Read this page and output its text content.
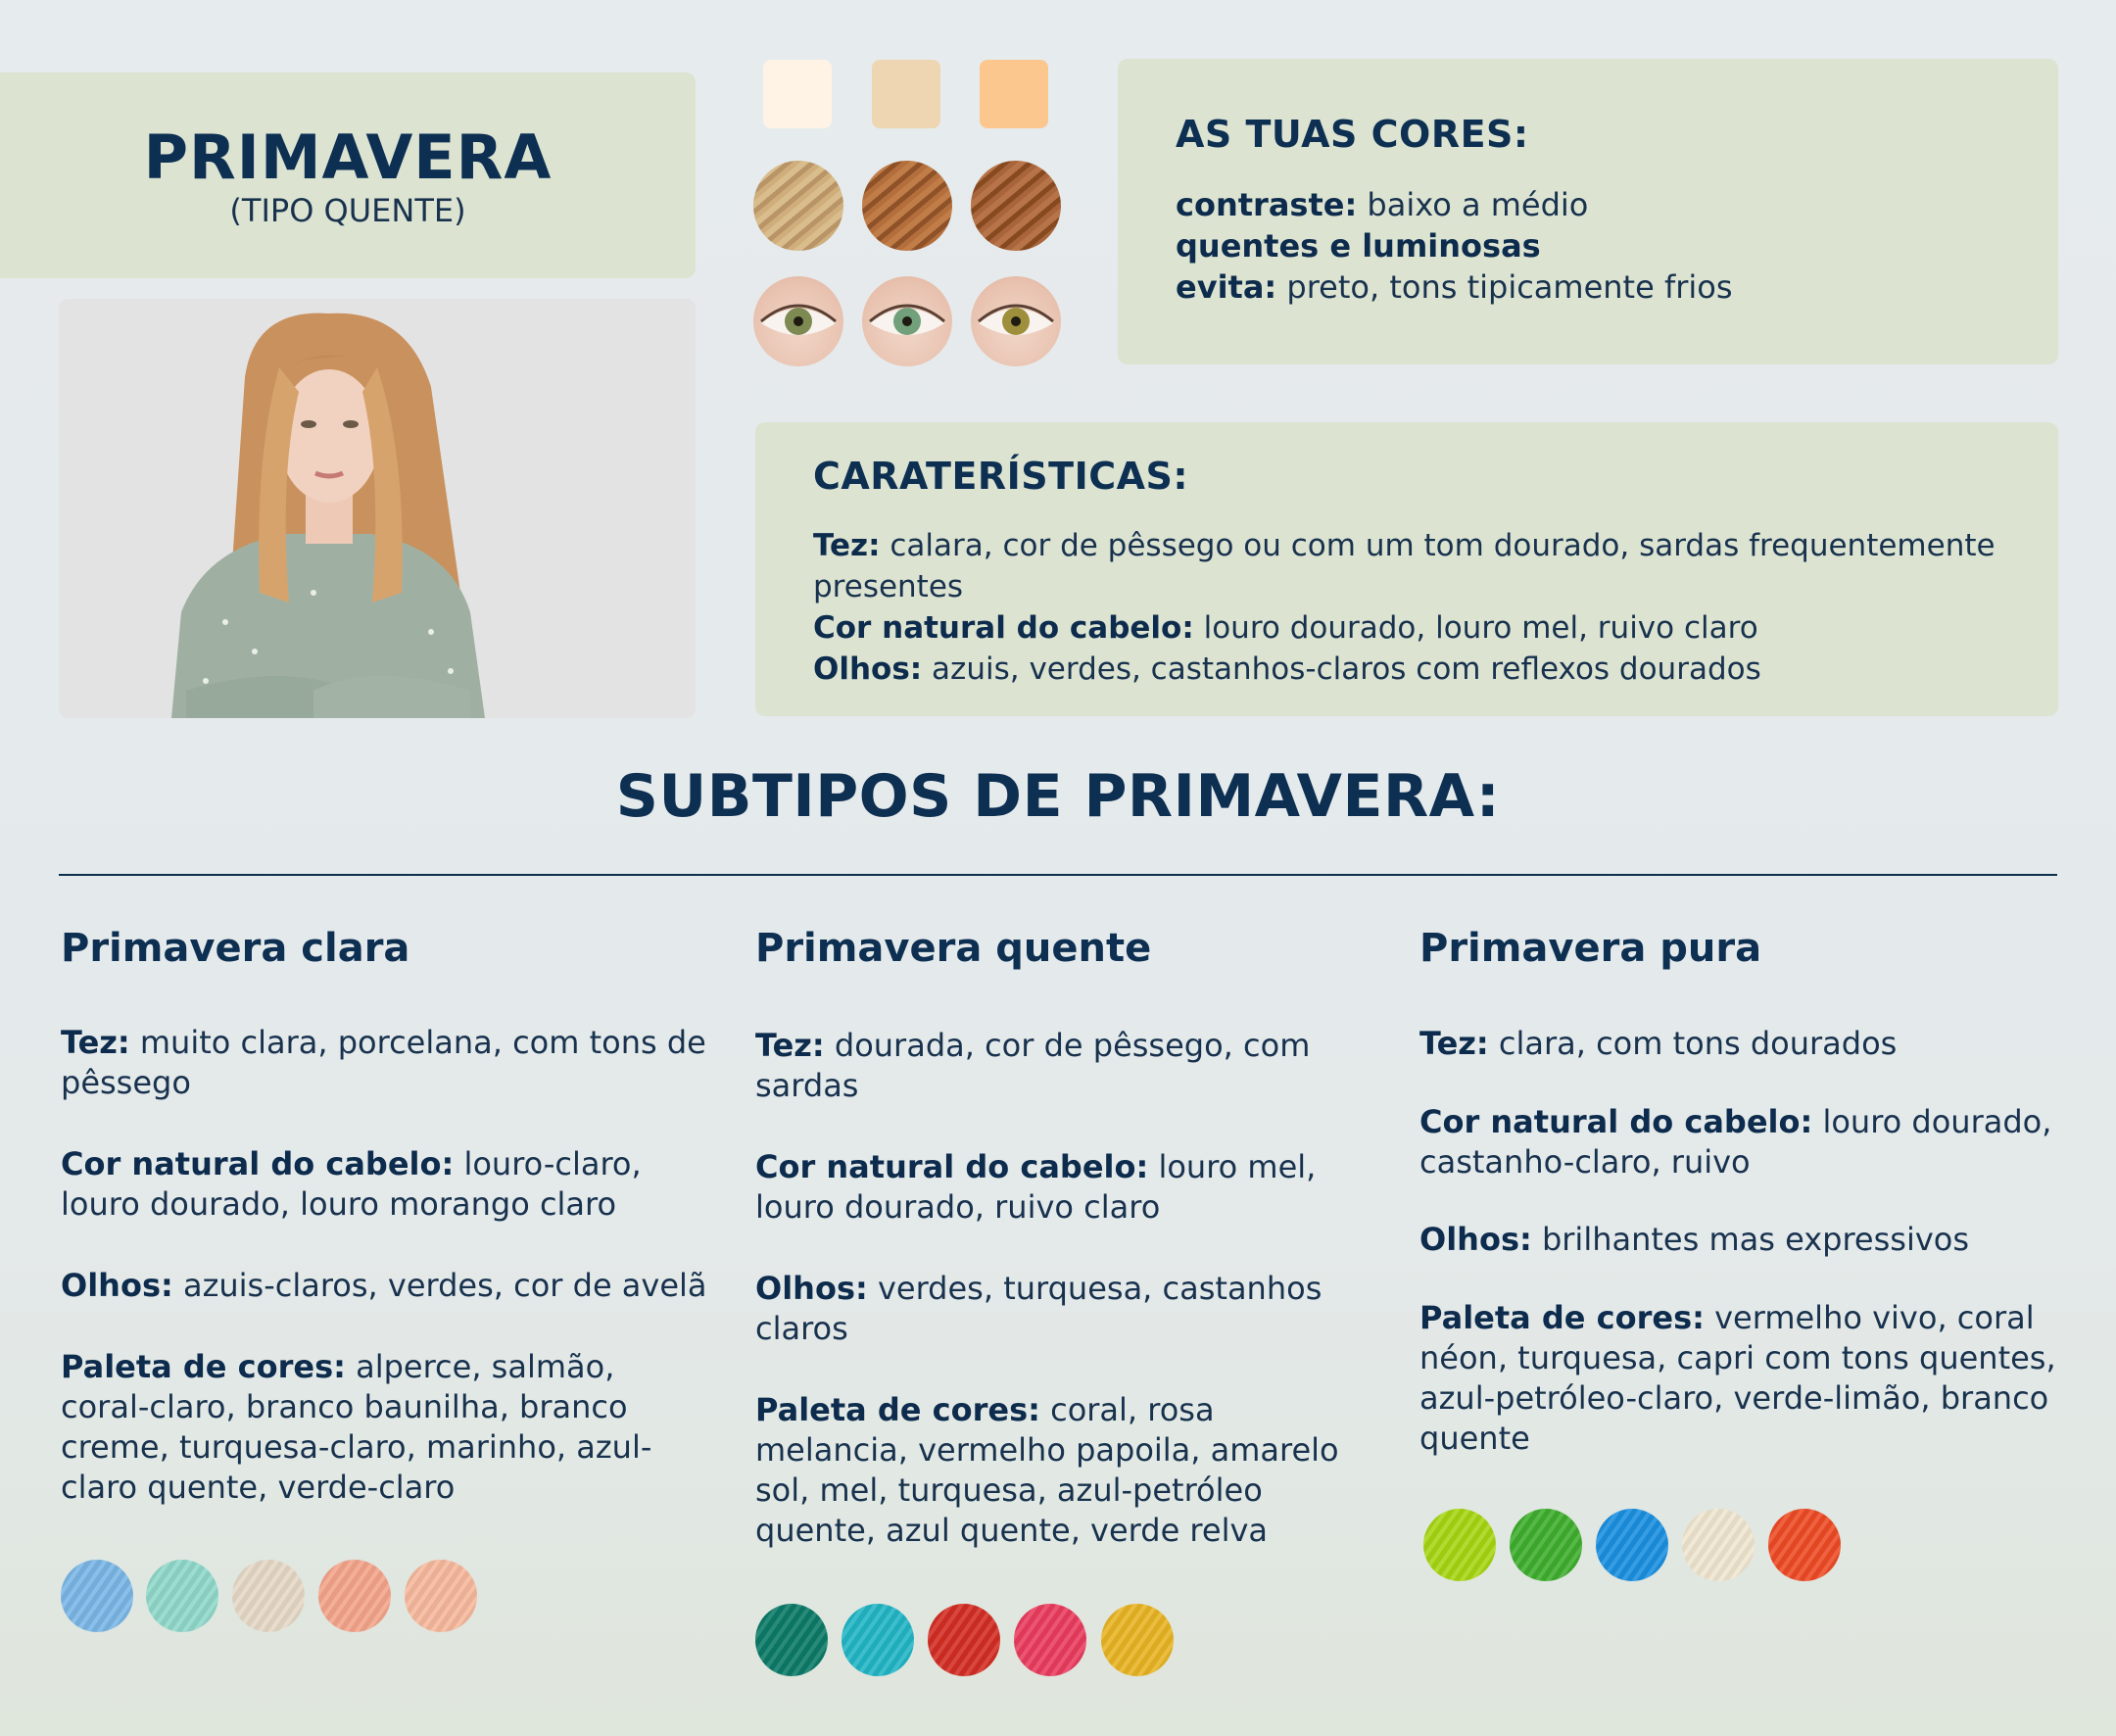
PRIMAVERA
(TIPO QUENTE)
AS TUAS CORES:
contraste: baixo a médio
quentes e luminosas
evita: preto, tons tipicamente frios
CARATERÍSTICAS:
Tez: calara, cor de pêssego ou com um tom dourado, sardas frequentemente
presentes
Cor natural do cabelo: louro dourado, louro mel, ruivo claro
Olhos: azuis, verdes, castanhos-claros com reflexos dourados
SUBTIPOS DE PRIMAVERA:
Primavera clara

Tez: muito clara, porcelana, com tons de pêssego

Cor natural do cabelo: louro-claro, louro dourado, louro morango claro

Olhos: azuis-claros, verdes, cor de avelã

Paleta de cores: alperce, salmão, coral-claro, branco baunilha, branco creme, turquesa-claro, marinho, azul-claro quente, verde-claro

Primavera quente

Tez: dourada, cor de pêssego, com sardas

Cor natural do cabelo: louro mel, louro dourado, ruivo claro

Olhos: verdes, turquesa, castanhos claros

Paleta de cores: coral, rosa melancia, vermelho papoila, amarelo sol, mel, turquesa, azul-petróleo quente, azul quente, verde relva

Primavera pura

Tez: clara, com tons dourados

Cor natural do cabelo: louro dourado, castanho-claro, ruivo

Olhos: brilhantes mas expressivos

Paleta de cores: vermelho vivo, coral néon, turquesa, capri com tons quentes, azul-petróleo-claro, verde-limão, branco quente
